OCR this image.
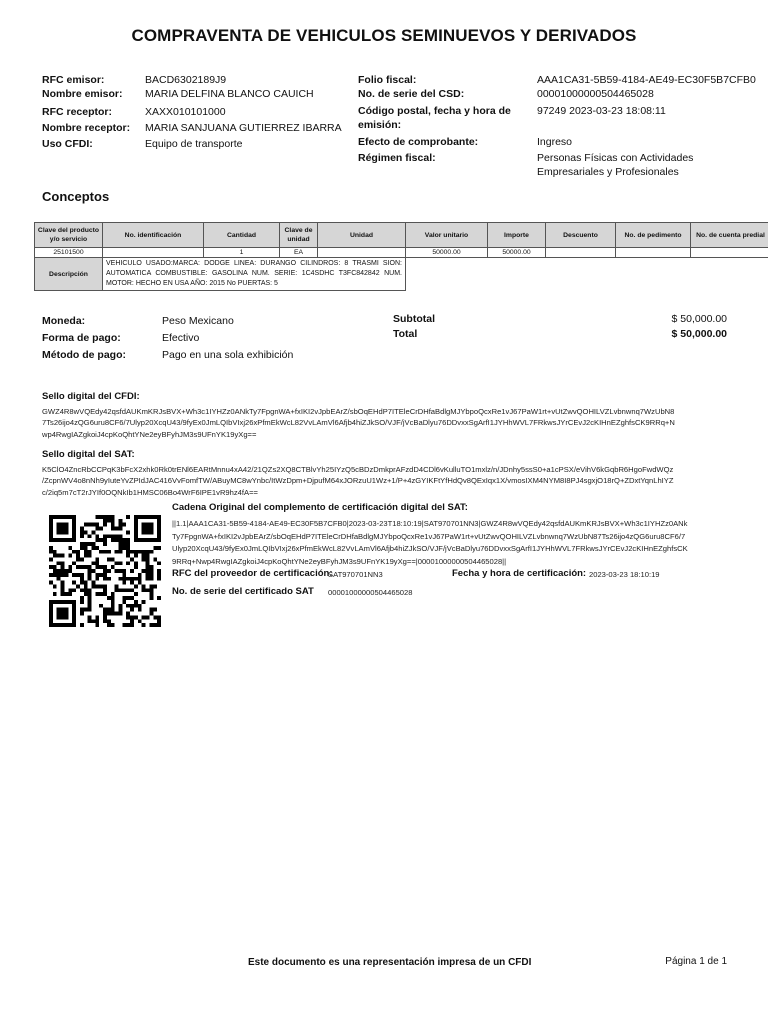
COMPRAVENTA DE VEHICULOS SEMINUEVOS Y DERIVADOS
RFC emisor:	BACD6302189J9
Nombre emisor: MARIA DELFINA BLANCO CAUICH
RFC receptor:	XAXX010101000
Nombre receptor: MARIA SANJUANA GUTIERREZ IBARRA
Uso CFDI:	Equipo de transporte
Folio fiscal:	AAA1CA31-5B59-4184-AE49-EC30F5B7CFB0
No. de serie del CSD:	00001000000504465028
Código postal, fecha y hora de
emisión:
97249 2023-03-23 18:08:11
Efecto de comprobante:	Ingreso
Régimen fiscal:	Personas Físicas con Actividades
Empresariales y Profesionales
Conceptos
Clave del producto y/o servicio	No. identificación	Cantidad	Clave de unidad	Unidad	Valor unitario	Importe	Descuento	No. de pedimento	No. de cuenta predial
25101500		1	EA		50000.00	50000.00			
Descripción	VEHICULO USADO:MARCA: DODGE LINEA: DURANGO CILINDROS: 8 TRASMI SION: AUTOMATICA COMBUSTIBLE: GASOLINA NUM. SERIE: 1C4SDHC T3FC842842 NUM. MOTOR: HECHO EN USA AÑO: 2015 No PUERTAS: 5								
Moneda:	Peso Mexicano
Forma de pago:	Efectivo
Método de pago:	Pago en una sola exhibición
Subtotal	$ 50,000.00
Total	$ 50,000.00
Sello digital del CFDI:
GWZ4R8wVQEdy42qsfdAUKmKRJsBVX+Wh3c1IYHZz0ANkTy7FpgnWA+fxIKI2vJpbEArZ/sbOqEHdP7ITEleCrDHfaBdlgMJYbpoQcxRe1vJ67PaW1rt+vUtZwvQOHILVZLvbnwnq7WzUbN8
7Ts26ijo4zQG6uru8CF6/7Ulyp20XcqU43/9fyEx0JmLQIbVIxj26xPfmEkWcL82VvLAmVl6Afjb4hiZJkSO/VJF/jVcBaDlyu76DDvxxSgArfI1JYHhWVL7FRkwsJYrCEvJ2cKIHnEZghfsCK9RRq+N
wp4RwgIAZgkoiJ4cpKoQhtYNe2eyBFyhJM3s9UFnYK19yXg==
Sello digital del SAT:
K5ClO4ZncRbCCPqK3bFcX2xhk0Rk0trENl6EARtMnnu4xA42/21QZs2XQ8CTBlvYh25IYzQ5cBDzDmkprAFzdD4CDl6vKulluTO1mxlz/n/JDnhy5ssS0+a1cPSX/eVihV6kGqbR6HgoFwdWQz
/ZcpnWV4o8nNh9yIuteYvZPIdJAC416VvFomfTW/ABuyMC8wYnbc/ItWzDpm+DjpufM64xJORzuU1Wz+1/P+4zGYIKFtYfHdQv8QExIqx1X/vmosIXM4NYM8I8PJ4sgxjO18rQ+ZDxtYqnLhIYZ
c/2iq5m7cT2rJYIf0OQNkIb1HMSC06Bo4WrF6IPE1vR9hz4fA==
Cadena Original del complemento de certificación digital del SAT:
||1.1|AAA1CA31-5B59-4184-AE49-EC30F5B7CFB0|2023-03-23T18:10:19|SAT970701NN3|GWZ4R8wVQEdy42qsfdAUKmKRJsBVX+Wh3c1IYHZz0ANk
Ty7FpgnWA+fxIKI2vJpbEArZ/sbOqEHdP7ITEleCrDHfaBdlgMJYbpoQcxRe1vJ67PaW1rt+vUtZwvQOHILVZLvbnwnq7WzUbN87Ts26ijo4zQG6uru8CF6/7
Ulyp20XcqU43/9fyEx0JmLQIbVIxj26xPfmEkWcL82VvLAmVl6Afjb4hiZJkSO/VJF/jVcBaDlyu76DDvxxSgArfI1JYHhWVL7FRkwsJYrCEvJ2cKIHnEZghfsCK
9RRq+Nwp4RwgIAZgkoiJ4cpKoQhtYNe2eyBFyhJM3s9UFnYK19yXg==|00001000000504465028||
RFC del proveedor de certificación:
SAT970701NN3	Fecha y hora de certificación: 2023-03-23 18:10:19
No. de serie del certificado SAT 00001000000504465028
Este documento es una representación impresa de un CFDI	Página 1 de 1
